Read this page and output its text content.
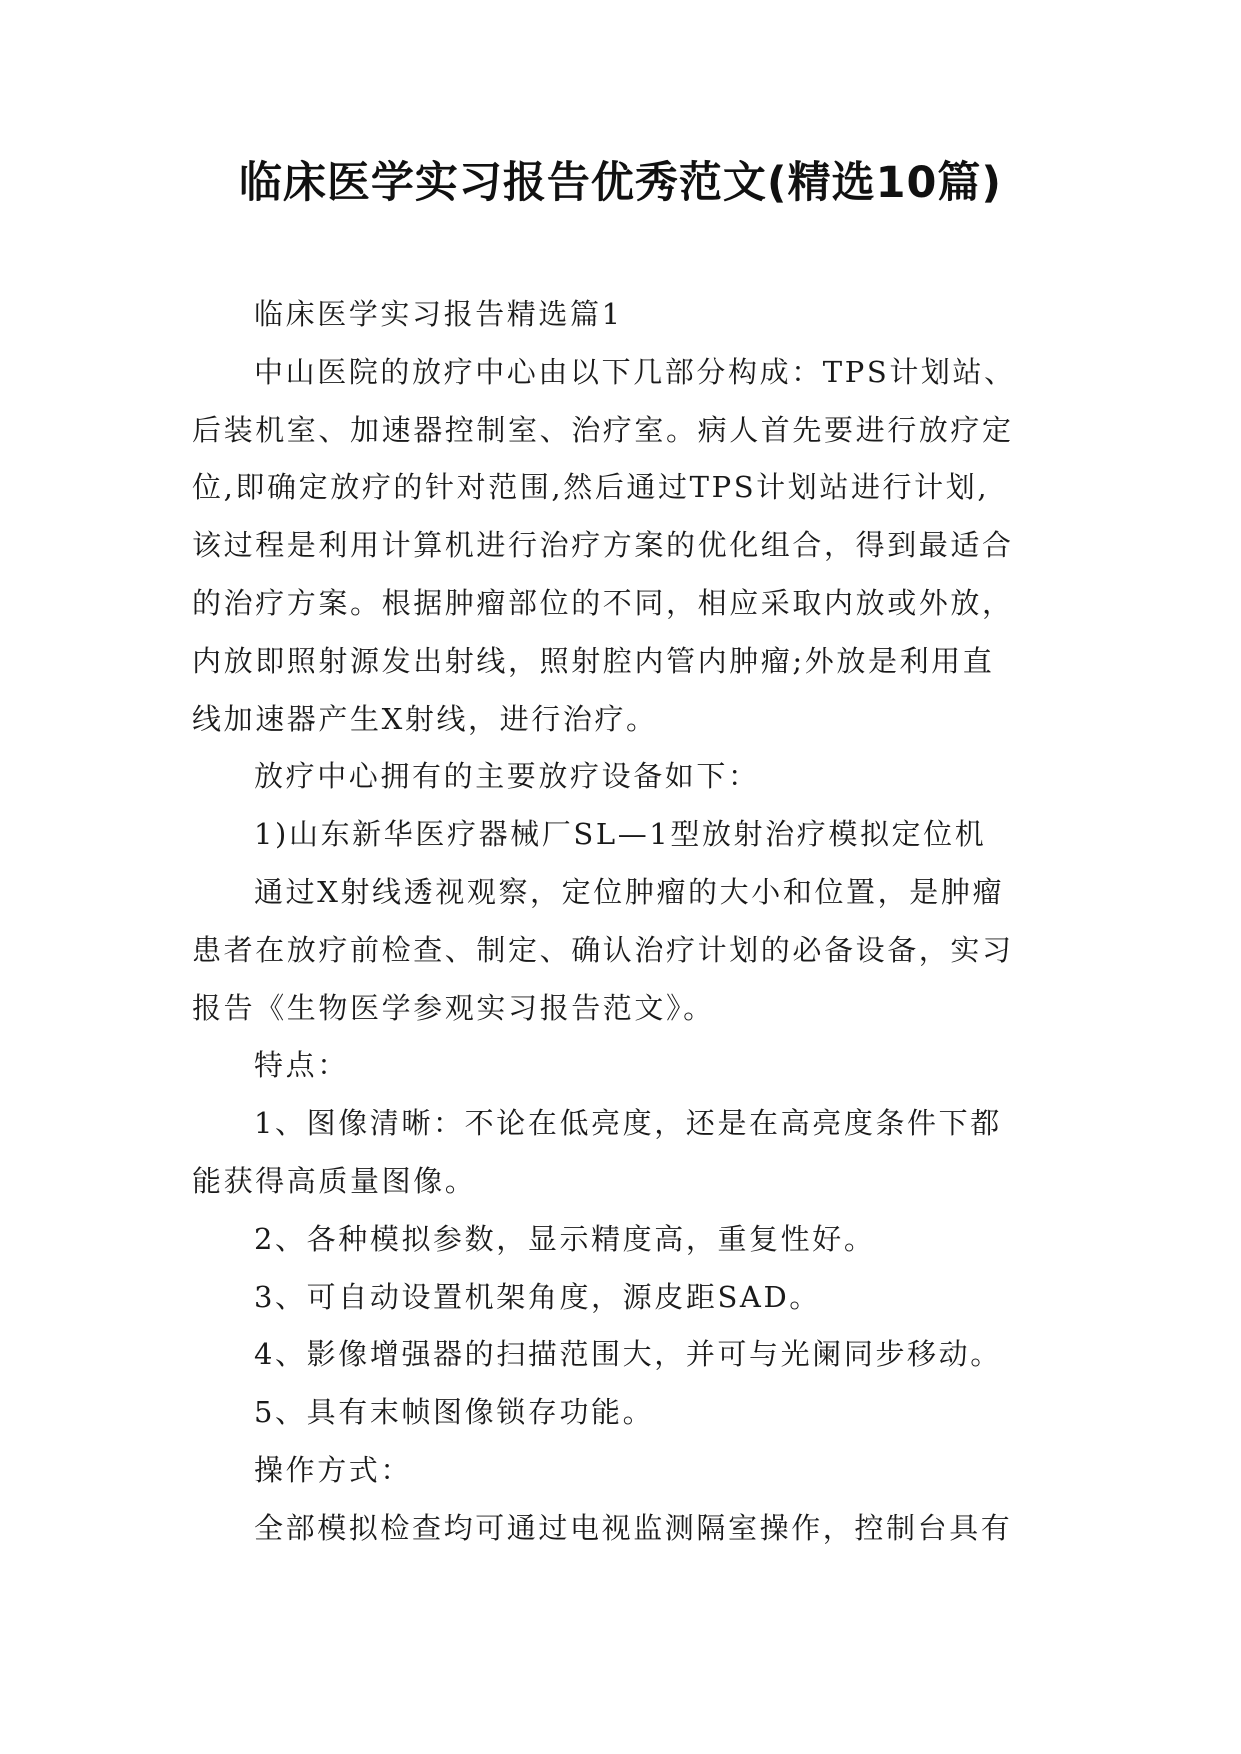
临床医学实习报告优秀范文(精选10篇)
临床医学实习报告精选篇1
中山医院的放疗中心由以下几部分构成：TPS计划站、
后装机室、加速器控制室、治疗室。病人首先要进行放疗定
位,即确定放疗的针对范围,然后通过TPS计划站进行计划,
该过程是利用计算机进行治疗方案的优化组合，得到最适合
的治疗方案。根据肿瘤部位的不同，相应采取内放或外放，
内放即照射源发出射线，照射腔内管内肿瘤;外放是利用直
线加速器产生X射线，进行治疗。
放疗中心拥有的主要放疗设备如下：
1)山东新华医疗器械厂SL—1型放射治疗模拟定位机
通过X射线透视观察，定位肿瘤的大小和位置，是肿瘤
患者在放疗前检查、制定、确认治疗计划的必备设备，实习
报告《生物医学参观实习报告范文》。
特点：
1、图像清晰：不论在低亮度，还是在高亮度条件下都
能获得高质量图像。
2、各种模拟参数，显示精度高，重复性好。
3、可自动设置机架角度，源皮距SAD。
4、影像增强器的扫描范围大，并可与光阑同步移动。
5、具有末帧图像锁存功能。
操作方式：
全部模拟检查均可通过电视监测隔室操作，控制台具有
